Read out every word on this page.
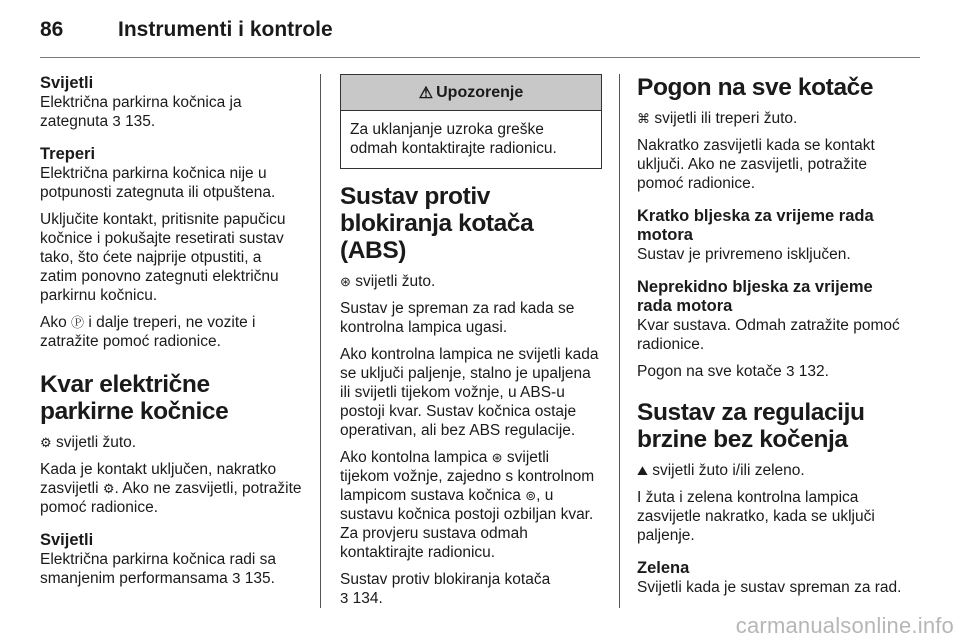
86	Instrumenti i kontrole
Svijetli
Električna parkirna kočnica ja zategnuta 3 135.
Treperi
Električna parkirna kočnica nije u potpunosti zategnuta ili otpuštena.
Uključite kontakt, pritisnite papučicu kočnice i pokušajte resetirati sustav tako, što ćete najprije otpustiti, a zatim ponovno zategnuti električnu parkirnu kočnicu.
Ako Ⓟ i dalje treperi, ne vozite i zatražite pomoć radionice.
Kvar električne parkirne kočnice
⚙ svijetli žuto.
Kada je kontakt uključen, nakratko zasvijetli ⚙. Ako ne zasvijetli, potražite pomoć radionice.
Svijetli
Električna parkirna kočnica radi sa smanjenim performansama 3 135.
⚠ Upozorenje
Za uklanjanje uzroka greške odmah kontaktirajte radionicu.
Sustav protiv blokiranja kotača (ABS)
⊛ svijetli žuto.
Sustav je spreman za rad kada se kontrolna lampica ugasi.
Ako kontrolna lampica ne svijetli kada se uključi paljenje, stalno je upaljena ili svijetli tijekom vožnje, u ABS-u postoji kvar. Sustav kočnica ostaje operativan, ali bez ABS regulacije.
Ako kontolna lampica ⊛ svijetli tijekom vožnje, zajedno s kontrolnom lampicom sustava kočnica ⊚, u sustavu kočnica postoji ozbiljan kvar. Za provjeru sustava odmah kontaktirajte radionicu.
Sustav protiv blokiranja kotača
3 134.
Pogon na sve kotače
⌘ svijetli ili treperi žuto.
Nakratko zasvijetli kada se kontakt uključi. Ako ne zasvijetli, potražite pomoć radionice.
Kratko bljeska za vrijeme rada motora
Sustav je privremeno isključen.
Neprekidno bljeska za vrijeme rada motora
Kvar sustava. Odmah zatražite pomoć radionice.
Pogon na sve kotače 3 132.
Sustav za regulaciju brzine bez kočenja
⛰ svijetli žuto i/ili zeleno.
I žuta i zelena kontrolna lampica zasvijetle nakratko, kada se uključi paljenje.
Zelena
Svijetli kada je sustav spreman za rad.
carmanualsonline.info
